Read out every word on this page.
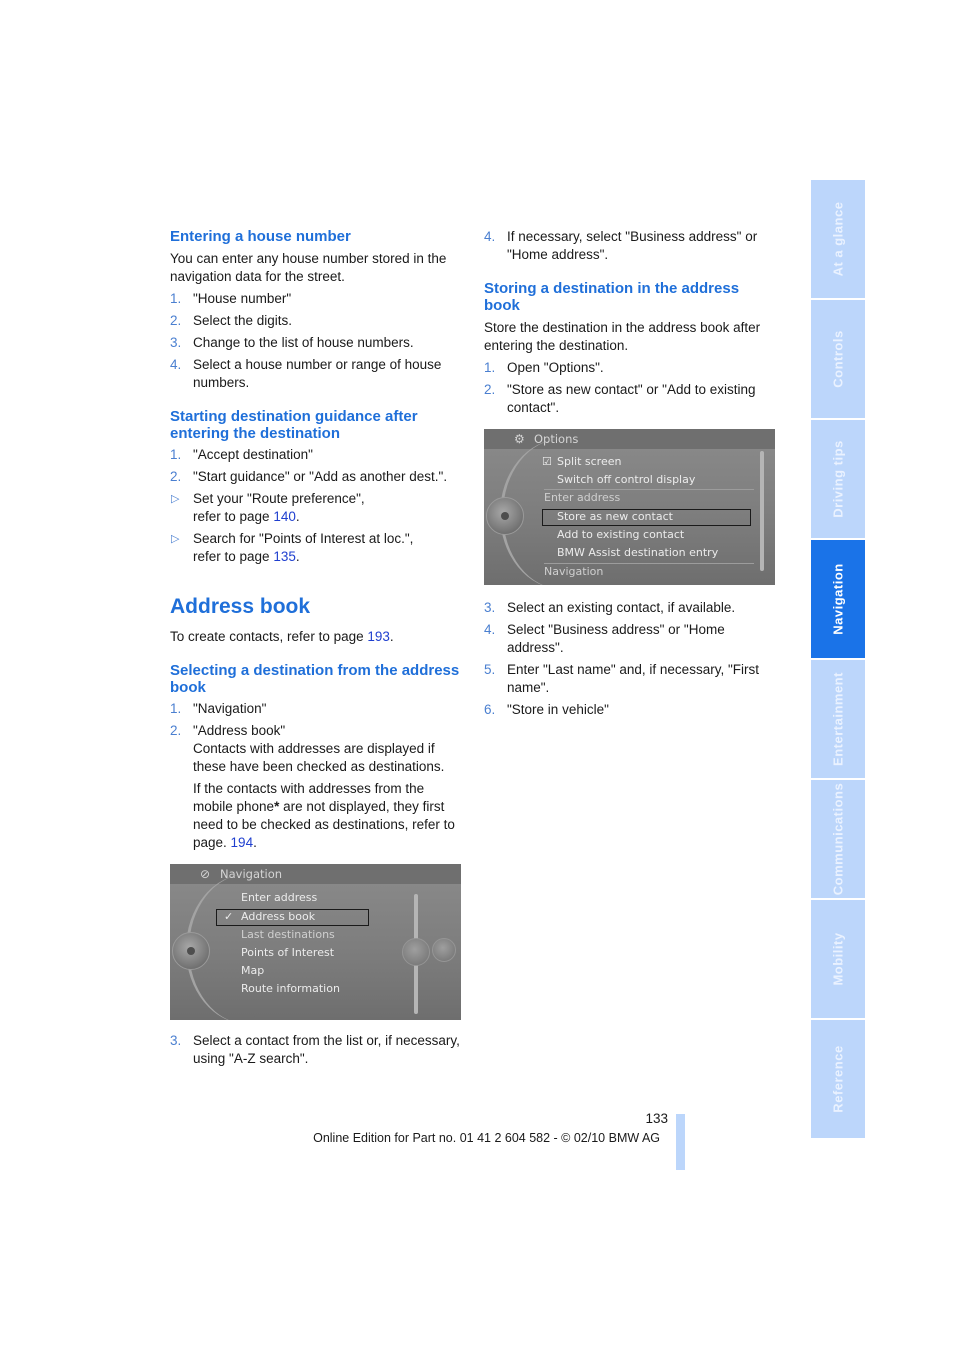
Entering a house number

You can enter any house number stored in the navigation data for the street.

1. "House number"
2. Select the digits.
3. Change to the list of house numbers.
4. Select a house number or range of house numbers.
Starting destination guidance after entering the destination
1. "Accept destination"
2. "Start guidance" or "Add as another dest.".
▷ Set your "Route preference",
refer to page 140.
▷ Search for "Points of Interest at loc.",
refer to page 135.
Address book

To create contacts, refer to page 193.

Selecting a destination from the address book
1. "Navigation"
2. "Address book"
Contacts with addresses are displayed if these have been checked as destinations.
If the contacts with addresses from the mobile phone* are not displayed, they first need to be checked as destinations, refer to page. 194.
⊘ Navigation
Enter address
✓ Address book
Last destinations
Points of Interest
Map
Route information
3. Select a contact from the list or, if necessary, using "A-Z search".
4. If necessary, select "Business address" or "Home address".
Storing a destination in the address book

Store the destination in the address book after entering the destination.

1. Open "Options".
2. "Store as new contact" or "Add to existing contact".
⚙ Options
☑ Split screen
Switch off control display
Enter address
Store as new contact
Add to existing contact
BMW Assist destination entry
Navigation
3. Select an existing contact, if available.
4. Select "Business address" or "Home address".
5. Enter "Last name" and, if necessary, "First name".
6. "Store in vehicle"
At a glance
Controls
Driving tips
Navigation
Entertainment
Communications
Mobility
Reference
133
Online Edition for Part no. 01 41 2 604 582 - © 02/10 BMW AG
